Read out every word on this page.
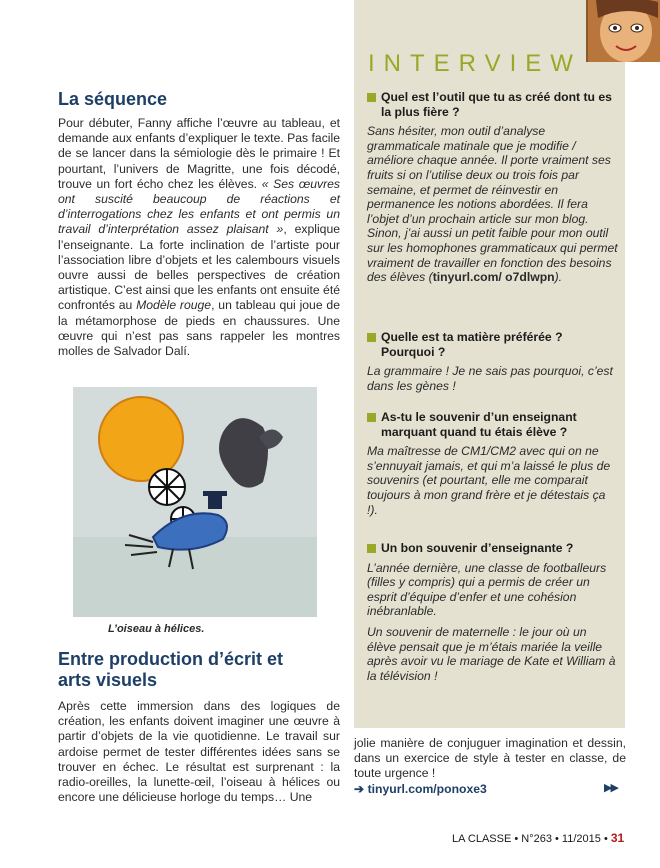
La séquence

Pour débuter, Fanny affiche l’œuvre au tableau, et demande aux enfants d’expliquer le texte. Pas facile de se lancer dans la sémiologie dès le primaire ! Et pourtant, l’univers de Magritte, une fois décodé, trouve un fort écho chez les élèves. « Ses œuvres ont suscité beaucoup de réactions et d’interrogations chez les enfants et ont permis un travail d’interprétation assez plaisant », explique l’enseignante. La forte inclination de l’artiste pour l’association libre d’objets et les calembours visuels ouvre aussi de belles perspectives de création artistique. C’est ainsi que les enfants ont ensuite été confrontés au Modèle rouge, un tableau qui joue de la métamorphose de pieds en chaussures. Une œuvre qui n’est pas sans rappeler les montres molles de Salvador Dalí.

L’oiseau à hélices.
Entre production d’écrit et arts visuels

Après cette immersion dans des logiques de création, les enfants doivent imaginer une œuvre à partir d’objets de la vie quotidienne. Le travail sur ardoise permet de tester différentes idées sans se trouver en échec. Le résultat est surprenant : la radio-oreilles, la lunette-œil, l’oiseau à hélices ou encore une délicieuse horloge du temps… Une

INTERVIEW

Quel est l’outil que tu as créé dont tu es la plus fière ?

Sans hésiter, mon outil d’analyse grammaticale matinale que je modifie / améliore chaque année. Il porte vraiment ses fruits si on l’utilise deux ou trois fois par semaine, et permet de réinvestir en permanence les notions abordées. Il fera l’objet d’un prochain article sur mon blog. Sinon, j’ai aussi un petit faible pour mon outil sur les homophones grammaticaux qui permet vraiment de travailler en fonction des besoins des élèves (tinyurl.com/ o7dlwpn).

Quelle est ta matière préférée ? Pourquoi ?

La grammaire ! Je ne sais pas pourquoi, c’est dans les gènes !

As-tu le souvenir d’un enseignant marquant quand tu étais élève ?

Ma maîtresse de CM1/CM2 avec qui on ne s’ennuyait jamais, et qui m’a laissé le plus de souvenirs (et pourtant, elle me comparait toujours à mon grand frère et je détestais ça !).

Un bon souvenir d’enseignante ?

L’année dernière, une classe de footballeurs (filles y compris) qui a permis de créer un esprit d’équipe d’enfer et une cohésion inébranlable.

Un souvenir de maternelle : le jour où un élève pensait que je m’étais mariée la veille après avoir vu le mariage de Kate et William à la télévision !

jolie manière de conjuguer imagination et dessin, dans un exercice de style à tester en classe, de toute urgence !

➔ tinyurl.com/ponoxe3	▶▶
LA CLASSE • N°263 • 11/2015 • 31
